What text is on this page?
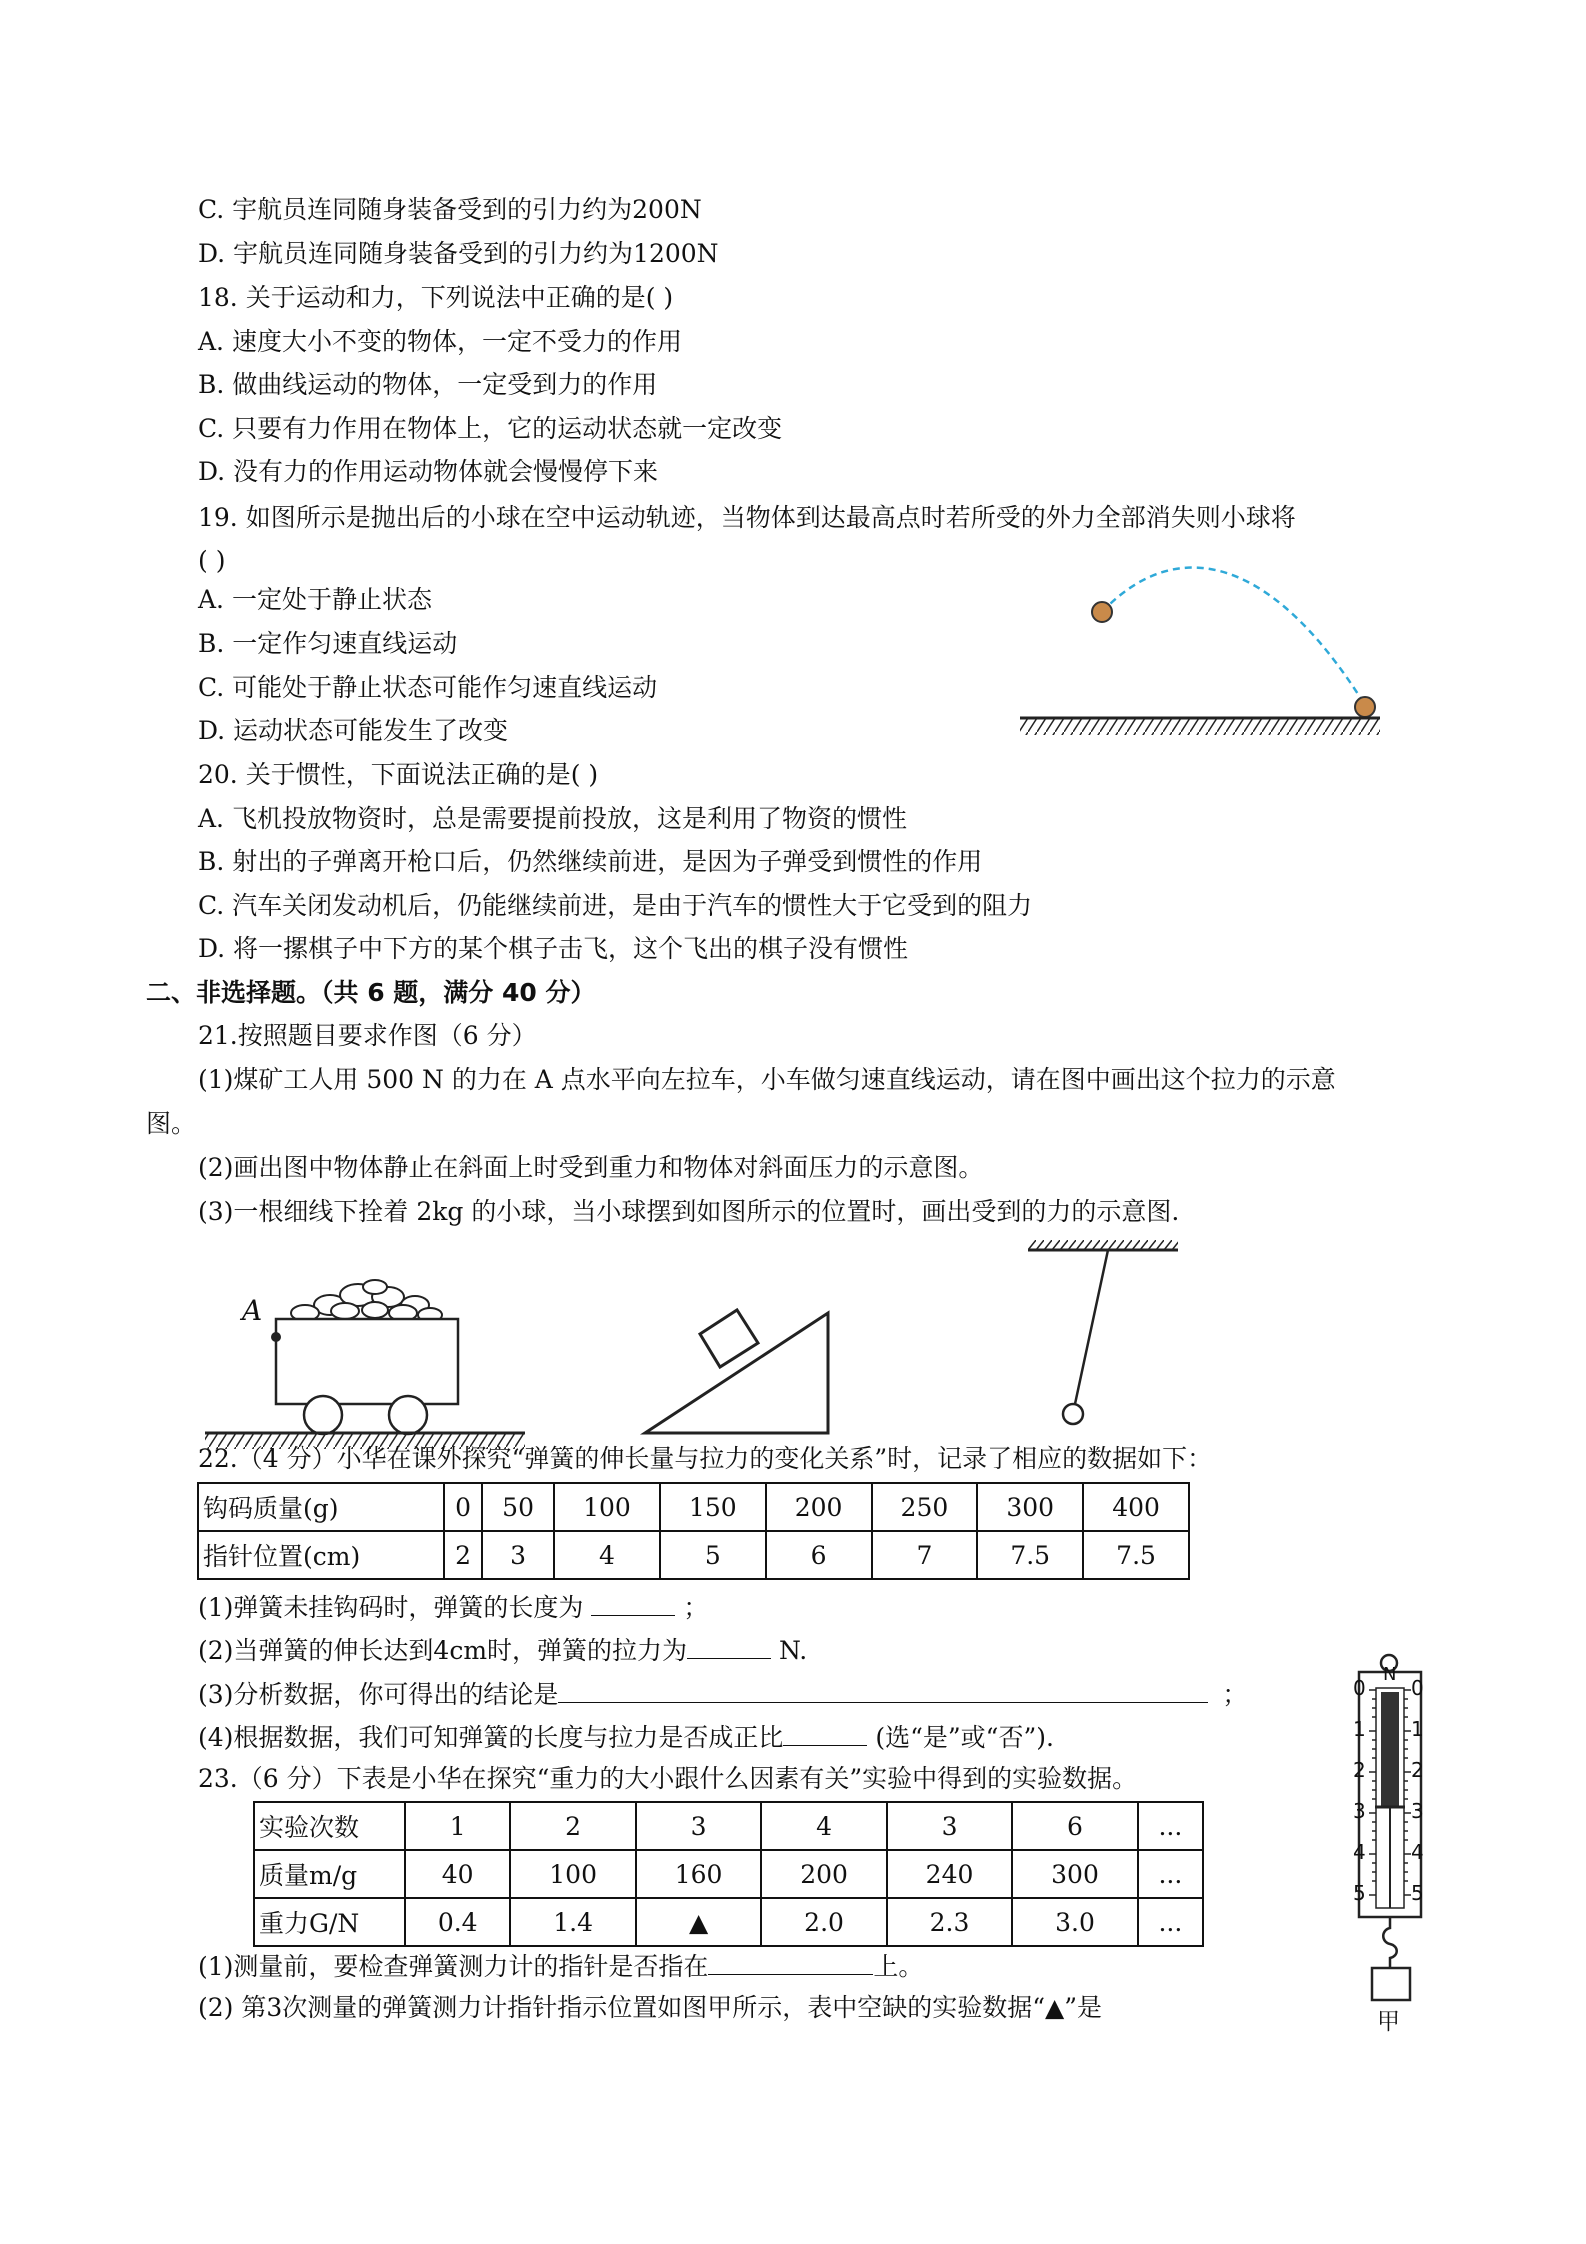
C. 宇航员连同随身装备受到的引力约为200N
D. 宇航员连同随身装备受到的引力约为1200N
18. 关于运动和力，下列说法中正确的是( )
A. 速度大小不变的物体，一定不受力的作用
B. 做曲线运动的物体，一定受到力的作用
C. 只要有力作用在物体上，它的运动状态就一定改变
D. 没有力的作用运动物体就会慢慢停下来
19. 如图所示是抛出后的小球在空中运动轨迹，当物体到达最高点时若所受的外力全部消失则小球将
( )
A. 一定处于静止状态
B. 一定作匀速直线运动
C. 可能处于静止状态可能作匀速直线运动
D. 运动状态可能发生了改变
20. 关于惯性，下面说法正确的是( )
A. 飞机投放物资时，总是需要提前投放，这是利用了物资的惯性
B. 射出的子弹离开枪口后，仍然继续前进，是因为子弹受到惯性的作用
C. 汽车关闭发动机后，仍能继续前进，是由于汽车的惯性大于它受到的阻力
D. 将一摞棋子中下方的某个棋子击飞，这个飞出的棋子没有惯性
二、非选择题。（共 6 题，满分 40 分）
21.按照题目要求作图（6 分）
(1)煤矿工人用 500 N 的力在 A 点水平向左拉车，小车做匀速直线运动，请在图中画出这个拉力的示意
图。
(2)画出图中物体静止在斜面上时受到重力和物体对斜面压力的示意图。
(3)一根细线下拴着 2kg 的小球，当小球摆到如图所示的位置时，画出受到的力的示意图.
A
22.（4 分）小华在课外探究“弹簧的伸长量与拉力的变化关系”时，记录了相应的数据如下：
钩码质量(g)	0	50	100	150	200	250	300	400
指针位置(cm)	2	3	4	5	6	7	7.5	7.5
(1)弹簧未挂钩码时，弹簧的长度为	；
(2)当弹簧的伸长达到4cm时，弹簧的拉力为	N.
(3)分析数据，你可得出的结论是	；
(4)根据数据，我们可知弹簧的长度与拉力是否成正比	(选“是”或“否”).
23.（6 分）下表是小华在探究“重力的大小跟什么因素有关”实验中得到的实验数据。
实验次数	1	2	3	4	3	6	...
质量m/g	40	100	160	200	240	300	...
重力G/N	0.4	1.4	▲	2.0	2.3	3.0	...
(1)测量前，要检查弹簧测力计的指针是否指在	上。
(2) 第3次测量的弹簧测力计指针指示位置如图甲所示，表中空缺的实验数据“▲”是
N
0
1
2
3
4
5
0
1
2
3
4
5
甲
